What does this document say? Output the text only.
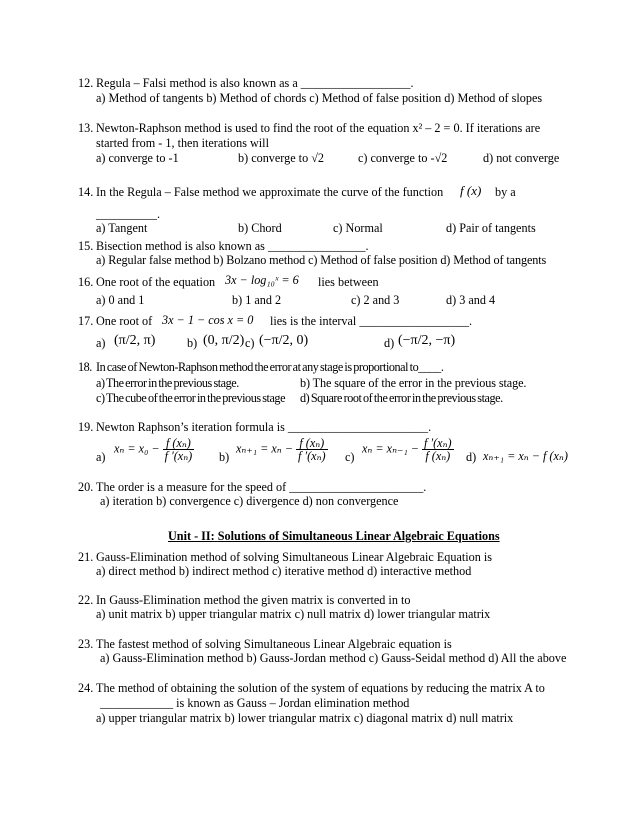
12. Regula – Falsi method is also known as a __________________.
a) Method of tangents b) Method of chords c) Method of false position d) Method of slopes
13. Newton-Raphson method is used to find the root of the equation x² – 2 = 0. If iterations are
started from - 1, then iterations will
a) converge to -1	b) converge to √2	c) converge to -√2	d) not converge
14. In the Regula – False method we approximate the curve of the function f (x) by a
__________.
a) Tangent	b) Chord	c) Normal	d) Pair of tangents
15. Bisection method is also known as ________________.
a) Regular false method b) Bolzano method c) Method of false position d) Method of tangents
16. One root of the equation 3x − log₁₀ˣ = 6 lies between
a) 0 and 1	b) 1 and 2	c) 2 and 3	d) 3 and 4
17. One root of 3x − 1 − cos x = 0 lies is the interval __________________.
a) (π/2, π)	b) (0, π/2) c) (−π/2, 0)	d) (−π/2, −π)
18. In case of Newton-Raphson method the error at any stage is proportional to____.
a) The error in the previous stage.	b) The square of the error in the previous stage.
c) The cube of the error in the previous stage d) Square root of the error in the previous stage.
19. Newton Raphson’s iteration formula is _______________________.
a)
$x_n = x_0 - \frac{\text{f (xₙ)}}{\text{f ′(xₙ)}} b$)
$x_{n+1} = x_n - \frac{\text{f (xₙ)}}{\text{f ′(xₙ)}} c$)
$x_n = x_{n-1} - \frac{\text{f ′(xₙ)}}{\text{f (xₙ)}} d$) xₙ₊₁ = xₙ − f (xₙ)
20. The order is a measure for the speed of ______________________.
a) iteration b) convergence c) divergence d) non convergence
Unit - II: Solutions of Simultaneous Linear Algebraic Equations
21. Gauss-Elimination method of solving Simultaneous Linear Algebraic Equation is
a) direct method b) indirect method c) iterative method d) interactive method
22. In Gauss-Elimination method the given matrix is converted in to
a) unit matrix b) upper triangular matrix c) null matrix d) lower triangular matrix
23. The fastest method of solving Simultaneous Linear Algebraic equation is
a) Gauss-Elimination method b) Gauss-Jordan method c) Gauss-Seidal method d) All the above
24. The method of obtaining the solution of the system of equations by reducing the matrix A to
____________ is known as Gauss – Jordan elimination method
a) upper triangular matrix b) lower triangular matrix c) diagonal matrix d) null matrix
